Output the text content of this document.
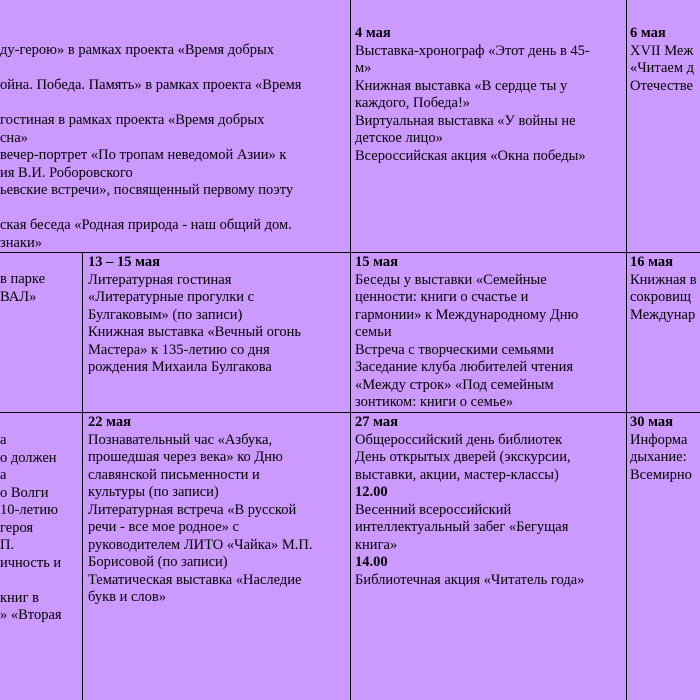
ду-герою» в рамках проекта «Время добрых

ойна. Победа. Память» в рамках проекта «Время

гостиная в рамках проекта «Время добрых
сна»
вечер-портрет «По тропам неведомой Азии» к
ия В.И. Роборовского
ьевские встречи», посвященный первому поэту

ская беседа «Родная природа - наш общий дом.
знаки»
4 мая
Выставка-хронограф «Этот день в 45-
м»
Книжная выставка «В сердце ты у
каждого, Победа!»
Виртуальная выставка «У войны не
детское лицо»
Всероссийская акция «Окна победы»
6 мая
XVII Меж
«Читаем д
Отечестве
в парке
ВАЛ»
13 – 15 мая
Литературная гостиная
«Литературные прогулки с
Булгаковым» (по записи)
Книжная выставка «Вечный огонь
Мастера» к 135-летию со дня
рождения Михаила Булгакова
15 мая
Беседы у выставки «Семейные
ценности: книги о счастье и
гармонии» к Международному Дню
семьи
Встреча с творческими семьями
Заседание клуба любителей чтения
«Между строк» «Под семейным
зонтиком: книги о семье»
16 мая
Книжная в
сокровищ
Междунар
а
о должен
а
о Волги
10-летию
героя
П.
ичность и

книг в
» «Вторая
22 мая
Познавательный час «Азбука,
прошедшая через века» ко Дню
славянской письменности и
культуры (по записи)
Литературная встреча «В русской
речи - все мое родное» с
руководителем ЛИТО «Чайка» М.П.
Борисовой (по записи)
Тематическая выставка «Наследие
букв и слов»
27 мая
Общероссийский день библиотек
День открытых дверей (экскурсии,
выставки, акции, мастер-классы)
12.00
Весенний всероссийский
интеллектуальный забег «Бегущая
книга»
14.00
Библиотечная акция «Читатель года»
30 мая
Информа
дыхание:
Всемирно
